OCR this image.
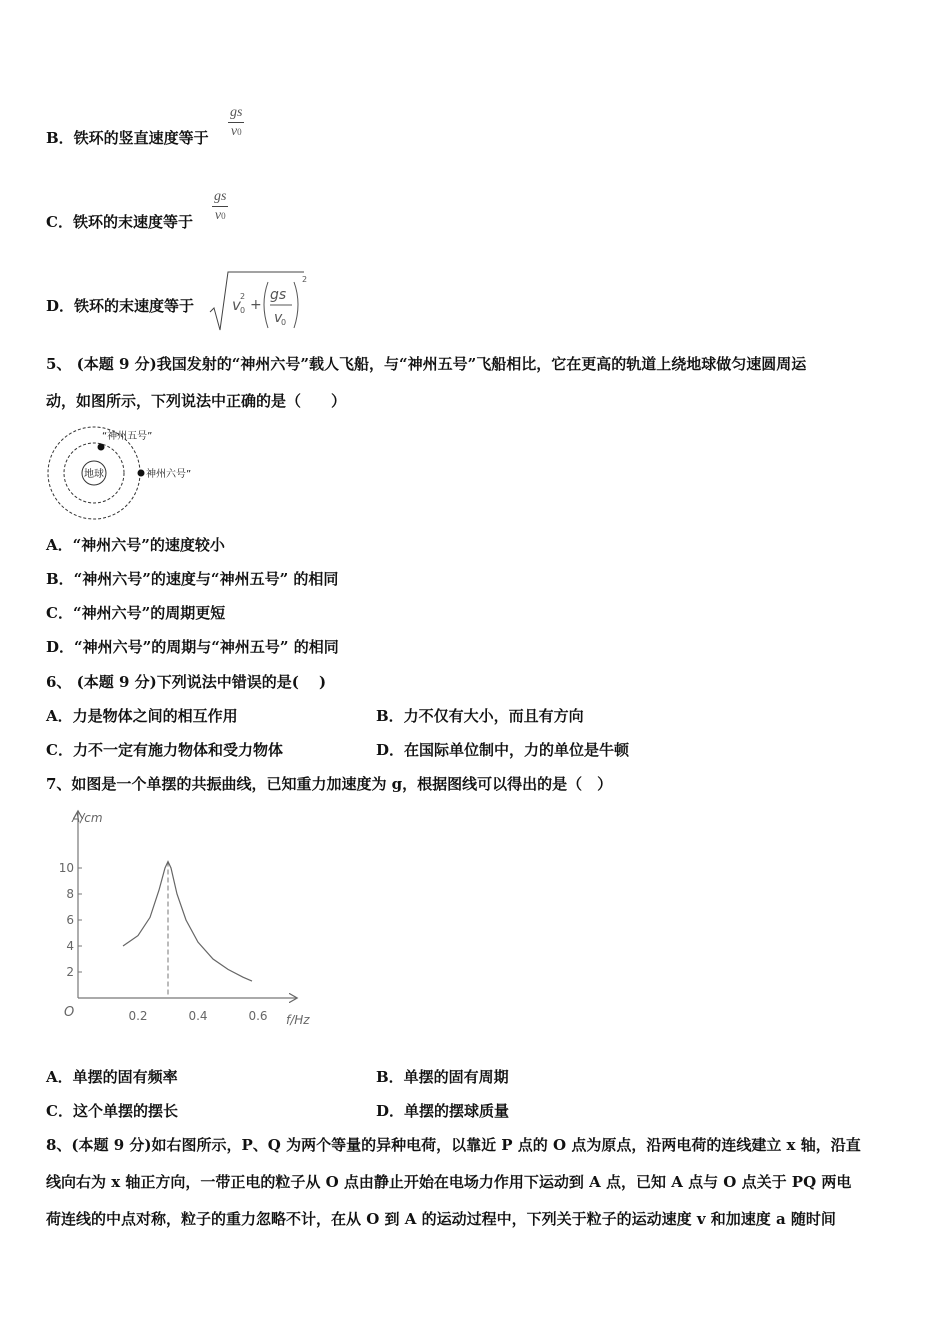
B．铁环的竖直速度等于 $\frac{gs}{v0}$
C．铁环的末速度等于 $\frac{gs}{v0}$
D．铁环的末速度等于	v 2
0 +
gs
v
0
2
5、 (本题 9 分)我国发射的“神州六号”载人飞船，与“神州五号”飞船相比，它在更高的轨道上绕地球做匀速圆周运
动，如图所示，下列说法中正确的是（　　）
地球
“神州五号”
神州六号”
A．“神州六号”的速度较小
B．“神州六号”的速度与“神州五号” 的相同
C．“神州六号”的周期更短
D．“神州六号”的周期与“神州五号” 的相同
6、 (本题 9 分)下列说法中错误的是(　 )
A．力是物体之间的相互作用	B．力不仅有大小，而且有方向
C．力不一定有施力物体和受力物体	D．在国际单位制中，力的单位是牛顿
7、如图是一个单摆的共振曲线，已知重力加速度为 g，根据图线可以得出的是（　）
A/cm
f/Hz
O
2
4
6
8
10
0.2	0.4	0.6
A．单摆的固有频率	B．单摆的固有周期
C．这个单摆的摆长	D．单摆的摆球质量
8、(本题 9 分)如右图所示，P、Q 为两个等量的异种电荷，以靠近 P 点的 O 点为原点，沿两电荷的连线建立 x 轴，沿直
线向右为 x 轴正方向，一带正电的粒子从 O 点由静止开始在电场力作用下运动到 A 点，已知 A 点与 O 点关于 PQ 两电
荷连线的中点对称，粒子的重力忽略不计，在从 O 到 A 的运动过程中，下列关于粒子的运动速度 v 和加速度 a 随时间
